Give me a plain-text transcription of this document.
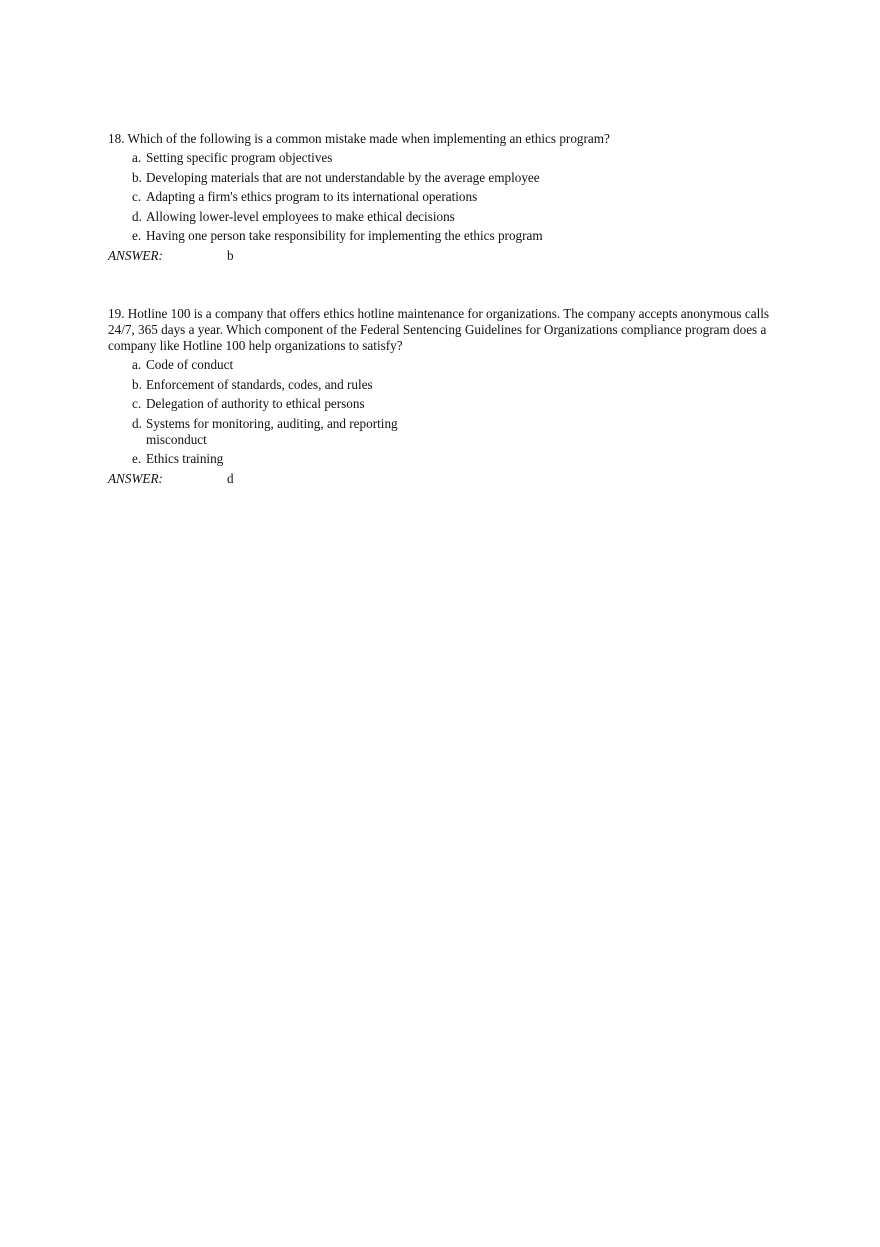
18. Which of the following is a common mistake made when implementing an ethics program?

a. Setting specific program objectives
b. Developing materials that are not understandable by the average employee
c. Adapting a firm's ethics program to its international operations
d. Allowing lower-level employees to make ethical decisions
e. Having one person take responsibility for implementing the ethics program
ANSWER:	b

19. Hotline 100 is a company that offers ethics hotline maintenance for organizations. The company accepts anonymous calls 24/7, 365 days a year. Which component of the Federal Sentencing Guidelines for Organizations compliance program does a company like Hotline 100 help organizations to satisfy?

a. Code of conduct
b. Enforcement of standards, codes, and rules
c. Delegation of authority to ethical persons
d. Systems for monitoring, auditing, and reporting misconduct
e. Ethics training
ANSWER:	d
